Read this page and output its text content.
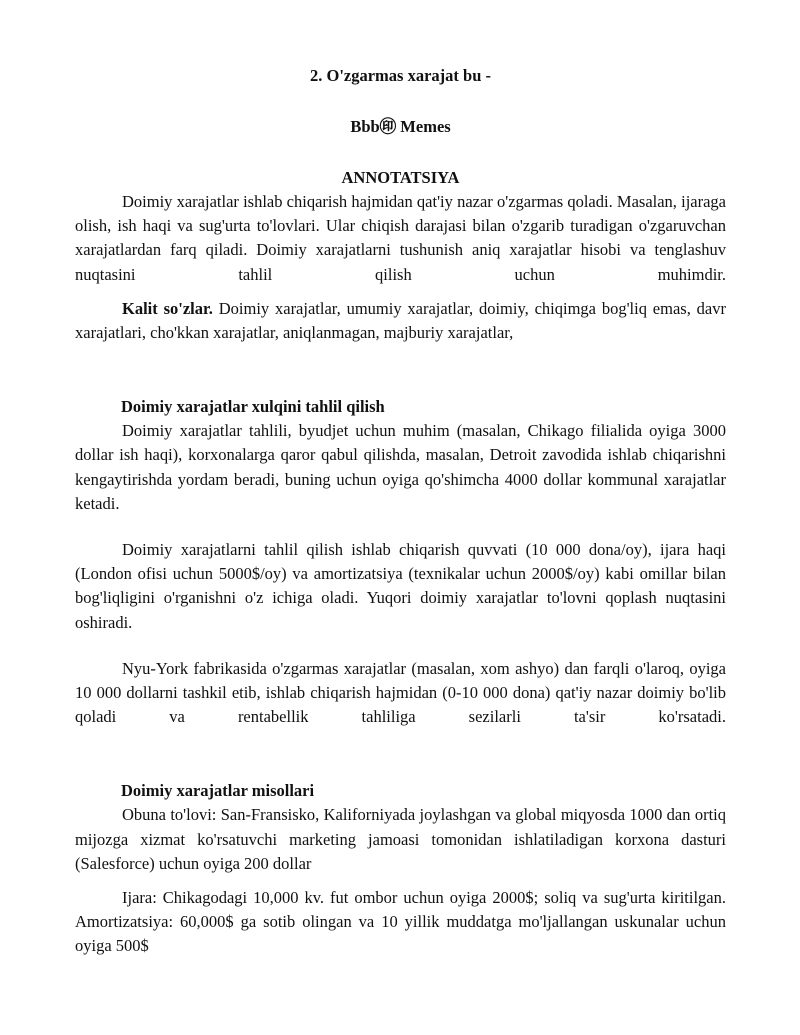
2. O'zgarmas xarajat bu -

Bbb㊞ Memes

ANNOTATSIYA

Doimiy xarajatlar ishlab chiqarish hajmidan qat'iy nazar o'zgarmas qoladi. Masalan, ijaraga olish, ish haqi va sug'urta to'lovlari. Ular chiqish darajasi bilan o'zgarib turadigan o'zgaruvchan xarajatlardan farq qiladi. Doimiy xarajatlarni tushunish aniq xarajatlar hisobi va tenglashuv nuqtasini tahlil qilish uchun muhimdir.

Kalit so'zlar. Doimiy xarajatlar, umumiy xarajatlar, doimiy, chiqimga bog'liq emas, davr xarajatlari, cho'kkan xarajatlar, aniqlanmagan, majburiy xarajatlar,

Doimiy xarajatlar xulqini tahlil qilish

Doimiy xarajatlar tahlili, byudjet uchun muhim (masalan, Chikago filialida oyiga 3000 dollar ish haqi), korxonalarga qaror qabul qilishda, masalan, Detroit zavodida ishlab chiqarishni kengaytirishda yordam beradi, buning uchun oyiga qo'shimcha 4000 dollar kommunal xarajatlar ketadi.

Doimiy xarajatlarni tahlil qilish ishlab chiqarish quvvati (10 000 dona/oy), ijara haqi (London ofisi uchun 5000$/oy) va amortizatsiya (texnikalar uchun 2000$/oy) kabi omillar bilan bog'liqligini o'rganishni o'z ichiga oladi. Yuqori doimiy xarajatlar to'lovni qoplash nuqtasini oshiradi.

Nyu-York fabrikasida o'zgarmas xarajatlar (masalan, xom ashyo) dan farqli o'laroq, oyiga 10 000 dollarni tashkil etib, ishlab chiqarish hajmidan (0-10 000 dona) qat'iy nazar doimiy bo'lib qoladi va rentabellik tahliliga sezilarli ta'sir ko'rsatadi.

Doimiy xarajatlar misollari

Obuna to'lovi: San-Fransisko, Kaliforniyada joylashgan va global miqyosda 1000 dan ortiq mijozga xizmat ko'rsatuvchi marketing jamoasi tomonidan ishlatiladigan korxona dasturi (Salesforce) uchun oyiga 200 dollar

Ijara: Chikagodagi 10,000 kv. fut ombor uchun oyiga 2000$; soliq va sug'urta kiritilgan. Amortizatsiya: 60,000$ ga sotib olingan va 10 yillik muddatga mo'ljallangan uskunalar uchun oyiga 500$
